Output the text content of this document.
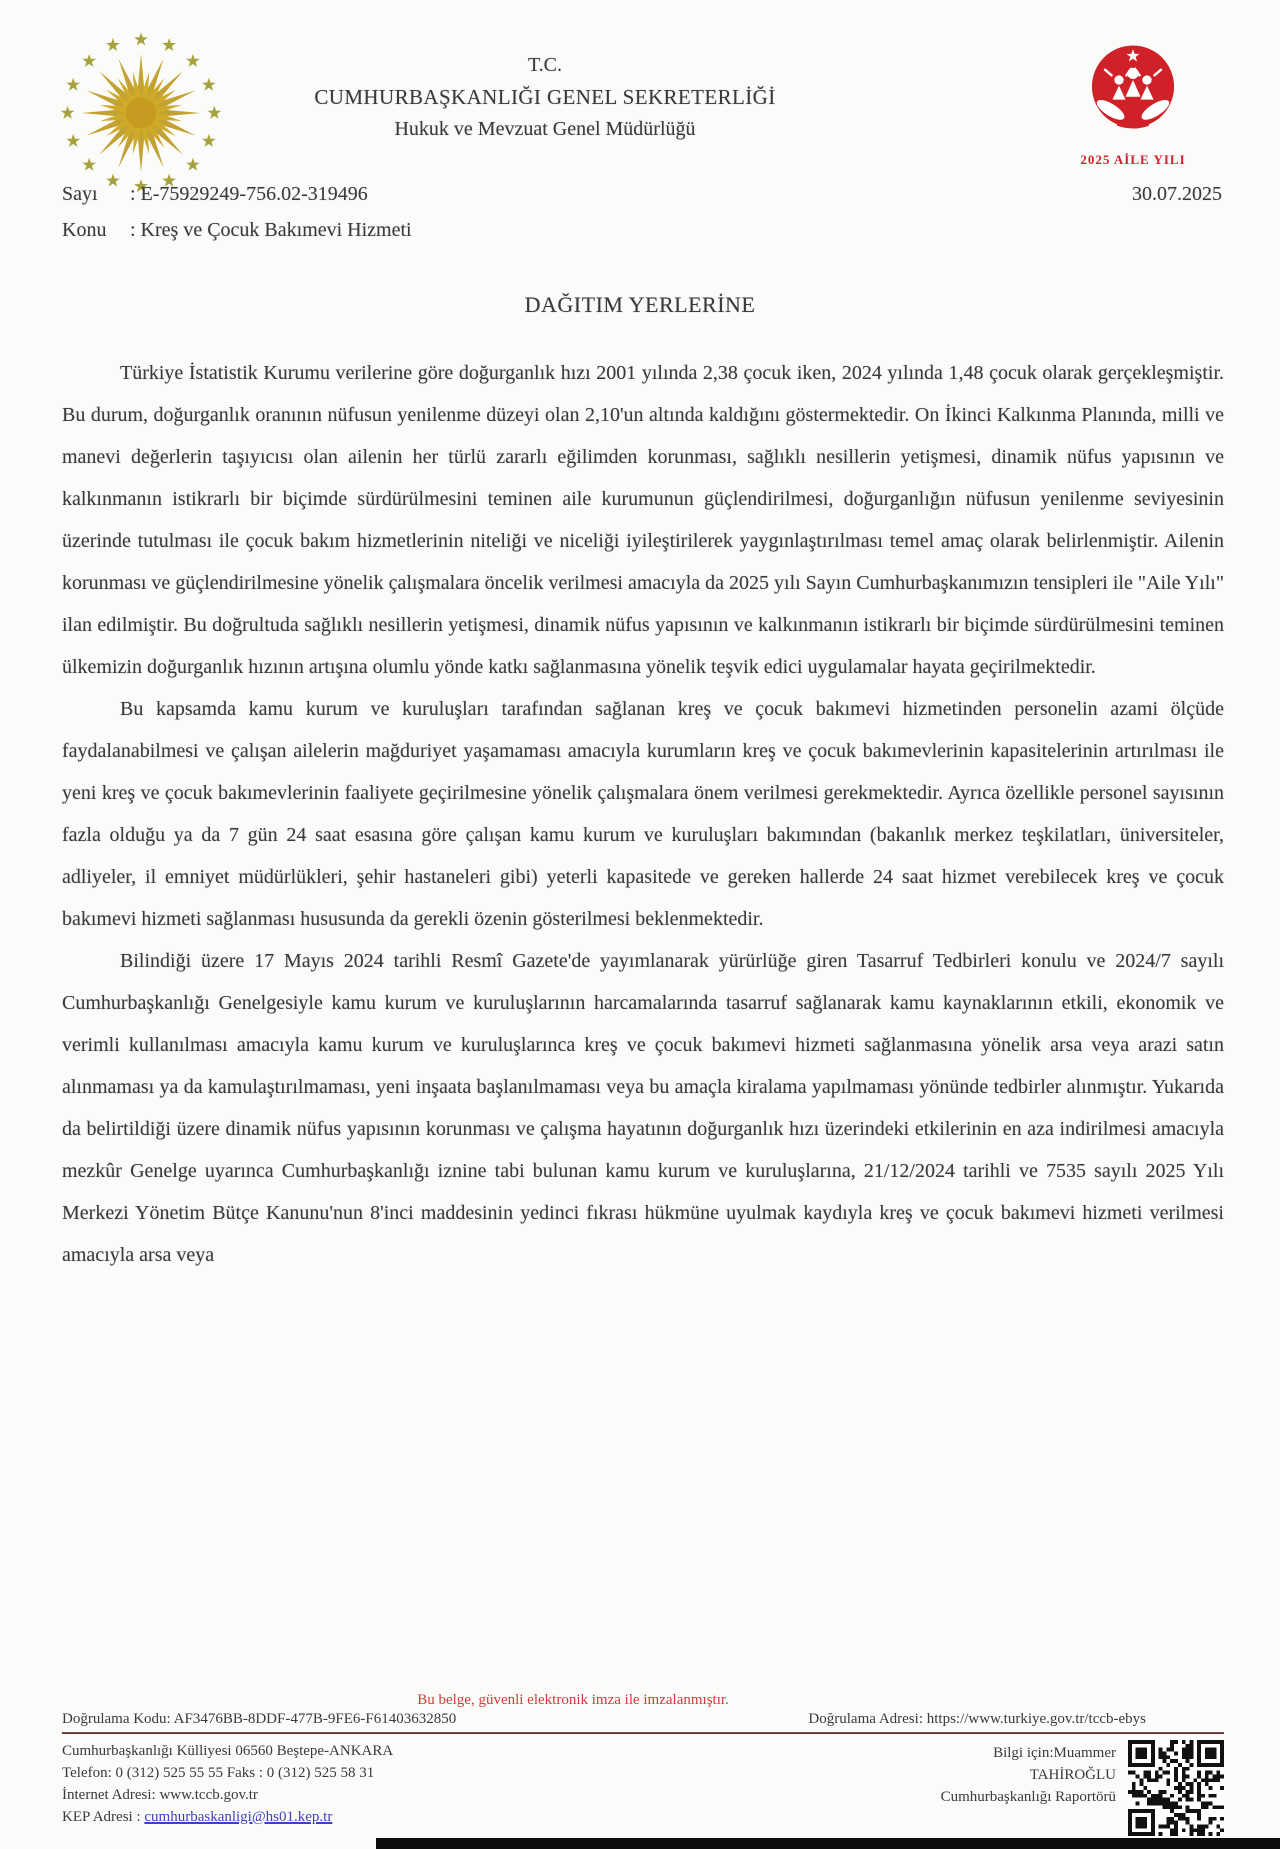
T.C.
CUMHURBAŞKANLIĞI GENEL SEKRETERLİĞİ
Hukuk ve Mevzuat Genel Müdürlüğü
2025 AİLE YILI
Sayı	: E-75929249-756.02-319496
Konu	: Kreş ve Çocuk Bakımevi Hizmeti
30.07.2025
DAĞITIM YERLERİNE

Türkiye İstatistik Kurumu verilerine göre doğurganlık hızı 2001 yılında 2,38 çocuk iken, 2024 yılında 1,48 çocuk olarak gerçekleşmiştir. Bu durum, doğurganlık oranının nüfusun yenilenme düzeyi olan 2,10'un altında kaldığını göstermektedir. On İkinci Kalkınma Planında, milli ve manevi değerlerin taşıyıcısı olan ailenin her türlü zararlı eğilimden korunması, sağlıklı nesillerin yetişmesi, dinamik nüfus yapısının ve kalkınmanın istikrarlı bir biçimde sürdürülmesini teminen aile kurumunun güçlendirilmesi, doğurganlığın nüfusun yenilenme seviyesinin üzerinde tutulması ile çocuk bakım hizmetlerinin niteliği ve niceliği iyileştirilerek yaygınlaştırılması temel amaç olarak belirlenmiştir. Ailenin korunması ve güçlendirilmesine yönelik çalışmalara öncelik verilmesi amacıyla da 2025 yılı Sayın Cumhurbaşkanımızın tensipleri ile "Aile Yılı" ilan edilmiştir. Bu doğrultuda sağlıklı nesillerin yetişmesi, dinamik nüfus yapısının ve kalkınmanın istikrarlı bir biçimde sürdürülmesini teminen ülkemizin doğurganlık hızının artışına olumlu yönde katkı sağlanmasına yönelik teşvik edici uygulamalar hayata geçirilmektedir.

Bu kapsamda kamu kurum ve kuruluşları tarafından sağlanan kreş ve çocuk bakımevi hizmetinden personelin azami ölçüde faydalanabilmesi ve çalışan ailelerin mağduriyet yaşamaması amacıyla kurumların kreş ve çocuk bakımevlerinin kapasitelerinin artırılması ile yeni kreş ve çocuk bakımevlerinin faaliyete geçirilmesine yönelik çalışmalara önem verilmesi gerekmektedir. Ayrıca özellikle personel sayısının fazla olduğu ya da 7 gün 24 saat esasına göre çalışan kamu kurum ve kuruluşları bakımından (bakanlık merkez teşkilatları, üniversiteler, adliyeler, il emniyet müdürlükleri, şehir hastaneleri gibi) yeterli kapasitede ve gereken hallerde 24 saat hizmet verebilecek kreş ve çocuk bakımevi hizmeti sağlanması hususunda da gerekli özenin gösterilmesi beklenmektedir.

Bilindiği üzere 17 Mayıs 2024 tarihli Resmî Gazete'de yayımlanarak yürürlüğe giren Tasarruf Tedbirleri konulu ve 2024/7 sayılı Cumhurbaşkanlığı Genelgesiyle kamu kurum ve kuruluşlarının harcamalarında tasarruf sağlanarak kamu kaynaklarının etkili, ekonomik ve verimli kullanılması amacıyla kamu kurum ve kuruluşlarınca kreş ve çocuk bakımevi hizmeti sağlanmasına yönelik arsa veya arazi satın alınmaması ya da kamulaştırılmaması, yeni inşaata başlanılmaması veya bu amaçla kiralama yapılmaması yönünde tedbirler alınmıştır. Yukarıda da belirtildiği üzere dinamik nüfus yapısının korunması ve çalışma hayatının doğurganlık hızı üzerindeki etkilerinin en aza indirilmesi amacıyla mezkûr Genelge uyarınca Cumhurbaşkanlığı iznine tabi bulunan kamu kurum ve kuruluşlarına, 21/12/2024 tarihli ve 7535 sayılı 2025 Yılı Merkezi Yönetim Bütçe Kanunu'nun 8'inci maddesinin yedinci fıkrası hükmüne uyulmak kaydıyla kreş ve çocuk bakımevi hizmeti verilmesi amacıyla arsa veya

Bu belge, güvenli elektronik imza ile imzalanmıştır.
Doğrulama Kodu: AF3476BB-8DDF-477B-9FE6-F61403632850	Doğrulama Adresi: https://www.turkiye.gov.tr/tccb-ebys
Cumhurbaşkanlığı Külliyesi 06560 Beştepe-ANKARA
Telefon: 0 (312) 525 55 55 Faks : 0 (312) 525 58 31
İnternet Adresi: www.tccb.gov.tr
KEP Adresi : cumhurbaskanligi@hs01.kep.tr
Bilgi için:Muammer
TAHİROĞLU
Cumhurbaşkanlığı Raportörü
